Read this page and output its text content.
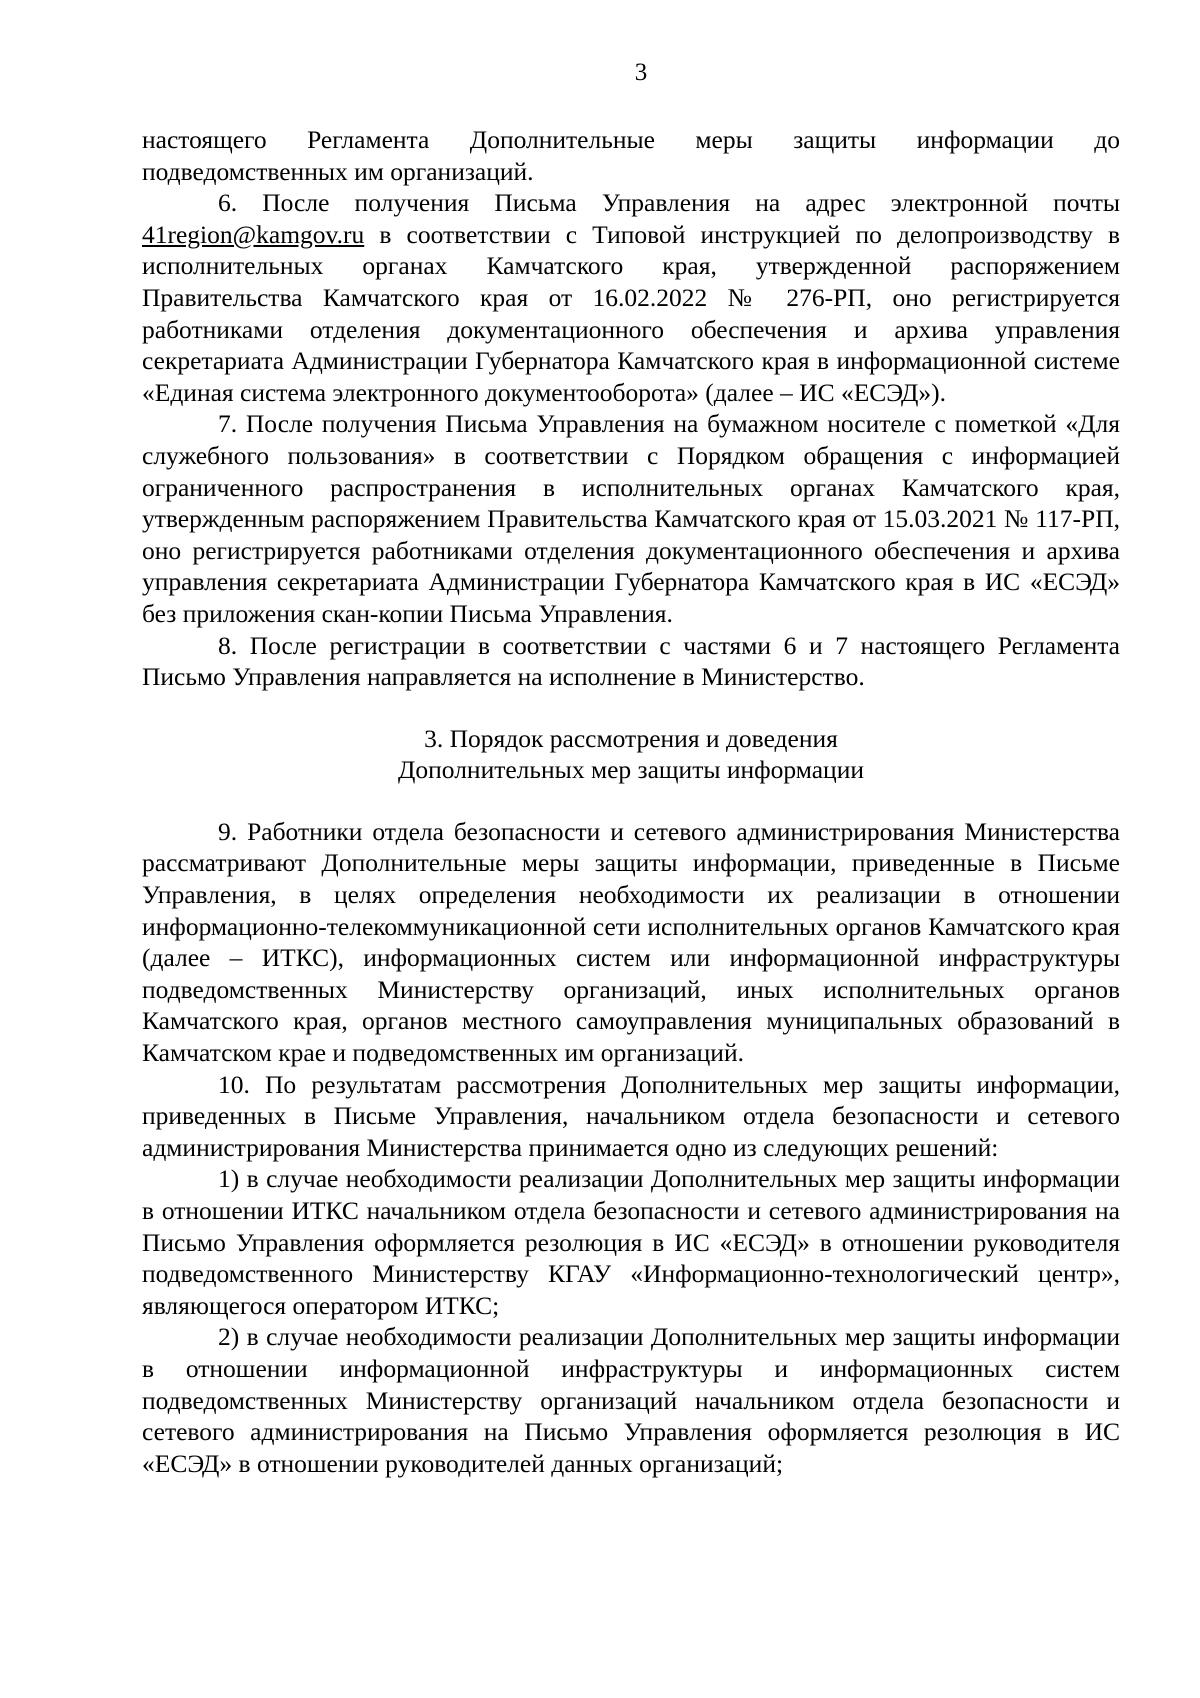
3

настоящего Регламента Дополнительные меры защиты информации до подведомственных им организаций.

6. После получения Письма Управления на адрес электронной почты 41region@kamgov.ru в соответствии с Типовой инструкцией по делопроизводству в исполнительных органах Камчатского края, утвержденной распоряжением Правительства Камчатского края от 16.02.2022 № 276-РП, оно регистрируется работниками отделения документационного обеспечения и архива управления секретариата Администрации Губернатора Камчатского края в информационной системе «Единая система электронного документооборота» (далее – ИС «ЕСЭД»).

7. После получения Письма Управления на бумажном носителе с пометкой «Для служебного пользования» в соответствии с Порядком обращения с информацией ограниченного распространения в исполнительных органах Камчатского края, утвержденным распоряжением Правительства Камчатского края от 15.03.2021 № 117-РП, оно регистрируется работниками отделения документационного обеспечения и архива управления секретариата Администрации Губернатора Камчатского края в ИС «ЕСЭД» без приложения скан-копии Письма Управления.

8. После регистрации в соответствии с частями 6 и 7 настоящего Регламента Письмо Управления направляется на исполнение в Министерство.

3. Порядок рассмотрения и доведения
Дополнительных мер защиты информации

9. Работники отдела безопасности и сетевого администрирования Министерства рассматривают Дополнительные меры защиты информации, приведенные в Письме Управления, в целях определения необходимости их реализации в отношении информационно-телекоммуникационной сети исполнительных органов Камчатского края (далее – ИТКС), информационных систем или информационной инфраструктуры подведомственных Министерству организаций, иных исполнительных органов Камчатского края, органов местного самоуправления муниципальных образований в Камчатском крае и подведомственных им организаций.

10. По результатам рассмотрения Дополнительных мер защиты информации, приведенных в Письме Управления, начальником отдела безопасности и сетевого администрирования Министерства принимается одно из следующих решений:

1) в случае необходимости реализации Дополнительных мер защиты информации в отношении ИТКС начальником отдела безопасности и сетевого администрирования на Письмо Управления оформляется резолюция в ИС «ЕСЭД» в отношении руководителя подведомственного Министерству КГАУ «Информационно-технологический центр», являющегося оператором ИТКС;

2) в случае необходимости реализации Дополнительных мер защиты информации в отношении информационной инфраструктуры и информационных систем подведомственных Министерству организаций начальником отдела безопасности и сетевого администрирования на Письмо Управления оформляется резолюция в ИС «ЕСЭД» в отношении руководителей данных организаций;
